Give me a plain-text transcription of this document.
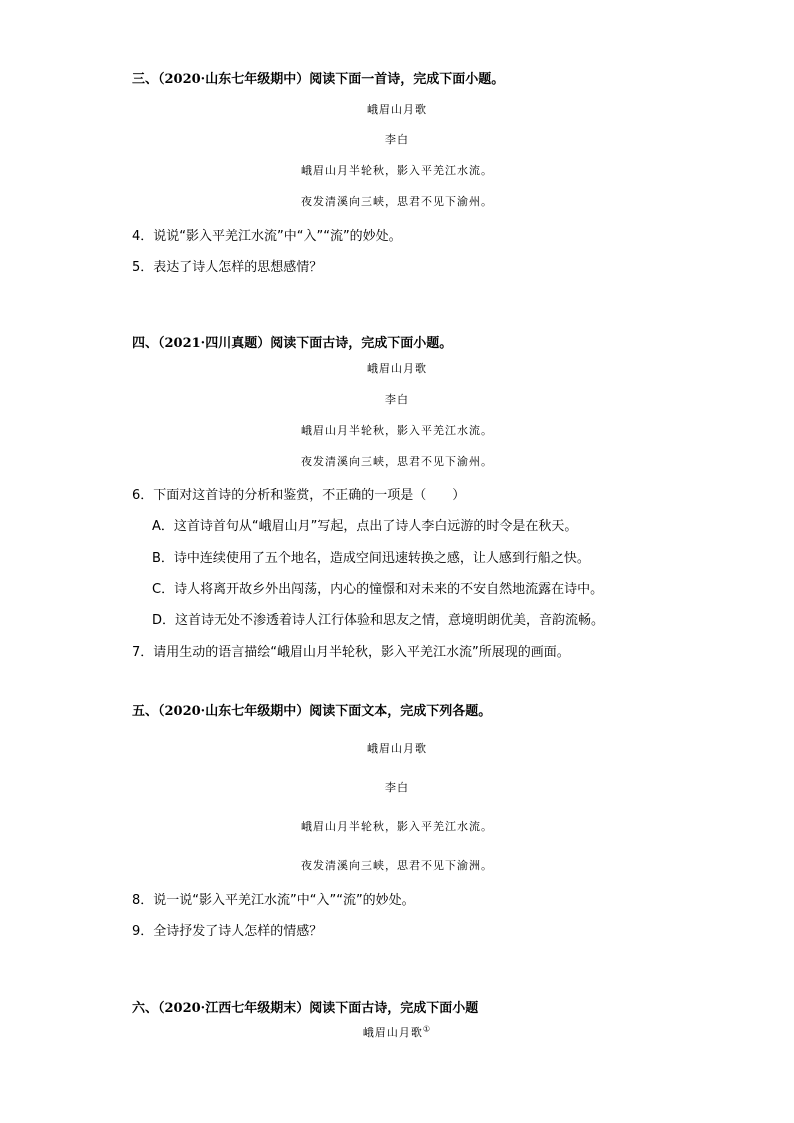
三、（2020·山东七年级期中）阅读下面一首诗，完成下面小题。
峨眉山月歌
李白
峨眉山月半轮秋，影入平羌江水流。
夜发清溪向三峡，思君不见下渝州。
4．说说“影入平羌江水流”中“入”“流”的妙处。
5．表达了诗人怎样的思想感情？
四、（2021·四川真题）阅读下面古诗，完成下面小题。
峨眉山月歌
李白
峨眉山月半轮秋，影入平羌江水流。
夜发清溪向三峡，思君不见下渝州。
6．下面对这首诗的分析和鉴赏，不正确的一项是（　　）
A．这首诗首句从“峨眉山月”写起，点出了诗人李白远游的时令是在秋天。
B．诗中连续使用了五个地名，造成空间迅速转换之感，让人感到行船之快。
C．诗人将离开故乡外出闯荡，内心的憧憬和对未来的不安自然地流露在诗中。
D．这首诗无处不渗透着诗人江行体验和思友之情，意境明朗优美，音韵流畅。
7．请用生动的语言描绘“峨眉山月半轮秋，影入平羌江水流”所展现的画面。
五、（2020·山东七年级期中）阅读下面文本，完成下列各题。
峨眉山月歌
李白
峨眉山月半轮秋，影入平羌江水流。
夜发清溪向三峡，思君不见下渝洲。
8．说一说“影入平羌江水流”中“入”“流”的妙处。
9．全诗抒发了诗人怎样的情感？
六、（2020·江西七年级期末）阅读下面古诗，完成下面小题
峨眉山月歌①
